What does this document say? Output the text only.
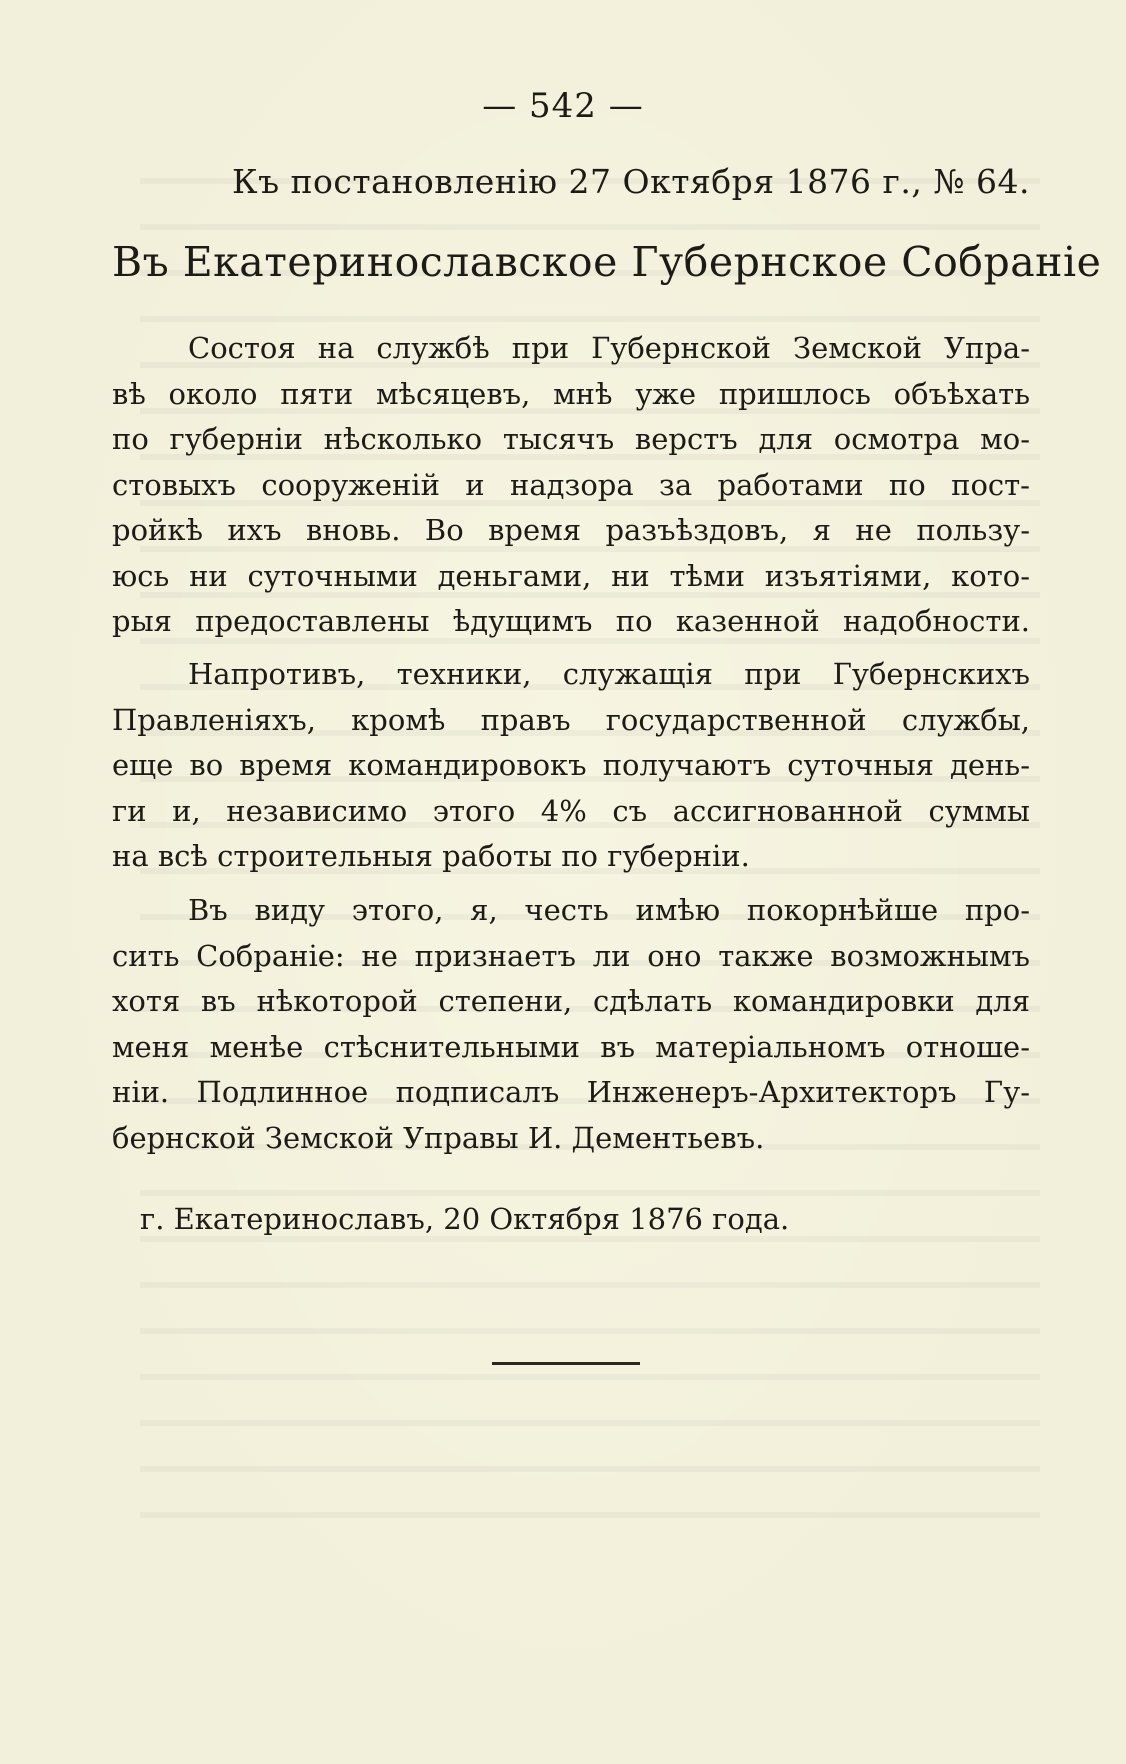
— 542 —
Къ постановленію 27 Октября 1876 г., № 64.
Въ Екатеринославское Губернское Собраніе
Состоя на службѣ при Губернской Земской Упра-
вѣ около пяти мѣсяцевъ, мнѣ уже пришлось объѣхать
по губерніи нѣсколько тысячъ верстъ для осмотра мо-
стовыхъ сооруженій и надзора за работами по пост-
ройкѣ ихъ вновь. Во время разъѣздовъ, я не пользу-
юсь ни суточными деньгами, ни тѣми изъятіями, кото-
рыя предоставлены ѣдущимъ по казенной надобности.
Напротивъ, техники, служащія при Губернскихъ
Правленіяхъ, кромѣ правъ государственной службы,
еще во время командировокъ получаютъ суточныя день-
ги и, независимо этого 4% съ ассигнованной суммы
на всѣ строительныя работы по губерніи.
Въ виду этого, я, честь имѣю покорнѣйше про-
сить Собраніе: не признаетъ ли оно также возможнымъ
хотя въ нѣкоторой степени, сдѣлать командировки для
меня менѣе стѣснительными въ матеріальномъ отноше-
ніи. Подлинное подписалъ Инженеръ-Архитекторъ Гу-
бернской Земской Управы И. Дементьевъ.
г. Екатеринославъ, 20 Октября 1876 года.
